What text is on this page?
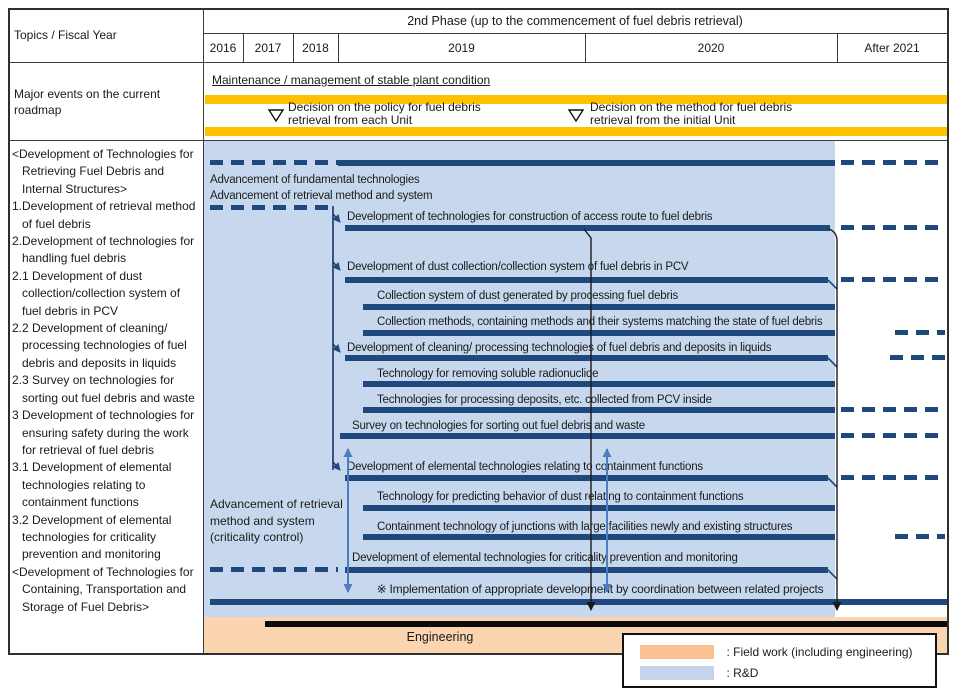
Topics / Fiscal Year
2nd Phase (up to the commencement of fuel debris retrieval)
2016	2017	2018	2019	2020	After 2021
Major events on the current roadmap
Maintenance / management of stable plant condition
Decision on the policy for fuel debris retrieval from each Unit
Decision on the method for fuel debris retrieval from the initial Unit
<Development of Technologies for Retrieving Fuel Debris and Internal Structures>
1.Development of retrieval method of fuel debris
2.Development of technologies for handling fuel debris
2.1 Development of dust collection/collection system of fuel debris in PCV
2.2 Development of cleaning/ processing technologies of fuel debris and deposits in liquids
2.3 Survey on technologies for sorting out fuel debris and waste
3 Development of technologies for ensuring safety during the work for retrieval of fuel debris
3.1 Development of elemental technologies relating to containment functions
3.2 Development of elemental technologies for criticality prevention and monitoring
<Development of Technologies for Containing, Transportation and Storage of Fuel Debris>
Advancement of fundamental technologies
Advancement of retrieval method and system
Development of technologies for construction of access route to fuel debris
Development of dust collection/collection system of fuel debris in PCV
Collection system of dust generated by processing fuel debris
Collection methods, containing methods and their systems matching the state of fuel debris
Development of cleaning/ processing technologies of fuel debris and deposits in liquids
Technology for removing soluble radionuclide
Technologies for processing deposits, etc. collected from PCV inside
Survey on technologies for sorting out fuel debris and waste
Development of elemental technologies relating to containment functions
Technology for predicting behavior of dust relating to containment functions
Containment technology of junctions with large facilities newly and existing structures
Development of elemental technologies for criticality prevention and monitoring
Advancement of retrieval method and system (criticality control)
※ Implementation of appropriate development by coordination between related projects
Engineering
: Field work (including engineering)
: R&D
